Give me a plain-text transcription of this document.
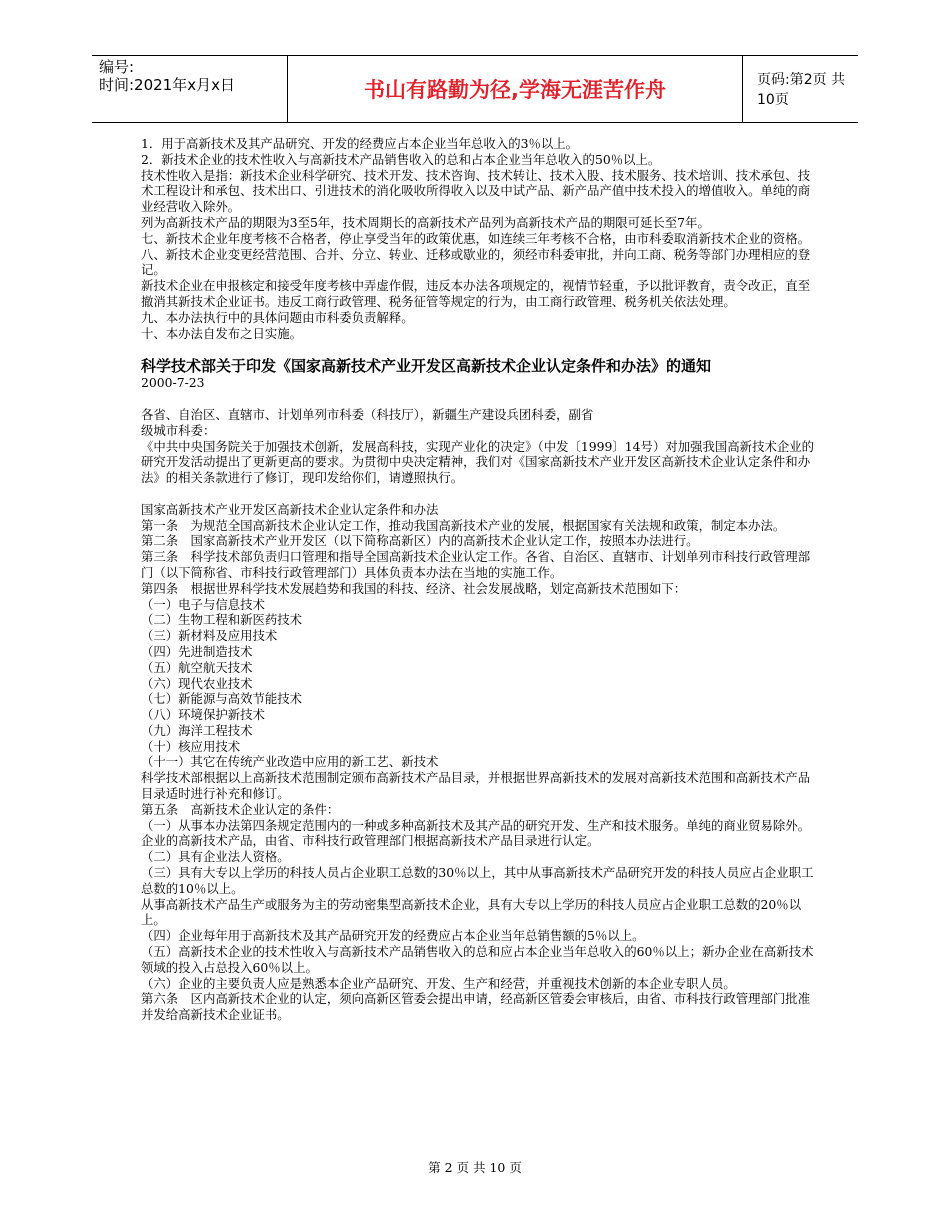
编号:
时间:2021年x月x日	书山有路勤为径,学海无涯苦作舟	页码:第2页 共10页

1．用于高新技术及其产品研究、开发的经费应占本企业当年总收入的3％以上。

2．新技术企业的技术性收入与高新技术产品销售收入的总和占本企业当年总收入的50％以上。

技术性收入是指：新技术企业科学研究、技术开发、技术咨询、技术转让、技术入股、技术服务、技术培训、技术承包、技术工程设计和承包、技术出口、引进技术的消化吸收所得收入以及中试产品、新产品产值中技术投入的增值收入。单纯的商业经营收入除外。

列为高新技术产品的期限为3至5年，技术周期长的高新技术产品列为高新技术产品的期限可延长至7年。

七、新技术企业年度考核不合格者，停止享受当年的政策优惠，如连续三年考核不合格，由市科委取消新技术企业的资格。

八、新技术企业变更经营范围、合并、分立、转业、迁移或歇业的，须经市科委审批，并向工商、税务等部门办理相应的登记。

新技术企业在申报核定和接受年度考核中弄虚作假，违反本办法各项规定的，视情节轻重，予以批评教育，责令改正，直至撤消其新技术企业证书。违反工商行政管理、税务征管等规定的行为，由工商行政管理、税务机关依法处理。

九、本办法执行中的具体问题由市科委负责解释。

十、本办法自发布之日实施。

科学技术部关于印发《国家高新技术产业开发区高新技术企业认定条件和办法》的通知

2000-7-23

各省、自治区、直辖市、计划单列市科委（科技厅），新疆生产建设兵团科委，副省

级城市科委：

《中共中央国务院关于加强技术创新，发展高科技，实现产业化的决定》（中发〔1999〕14号）对加强我国高新技术企业的研究开发活动提出了更新更高的要求。为贯彻中央决定精神，我们对《国家高新技术产业开发区高新技术企业认定条件和办法》的相关条款进行了修订，现印发给你们，请遵照执行。

国家高新技术产业开发区高新技术企业认定条件和办法

第一条　为规范全国高新技术企业认定工作，推动我国高新技术产业的发展，根据国家有关法规和政策，制定本办法。

第二条　国家高新技术产业开发区（以下简称高新区）内的高新技术企业认定工作，按照本办法进行。

第三条　科学技术部负责归口管理和指导全国高新技术企业认定工作。各省、自治区、直辖市、计划单列市科技行政管理部门（以下简称省、市科技行政管理部门）具体负责本办法在当地的实施工作。

第四条　根据世界科学技术发展趋势和我国的科技、经济、社会发展战略，划定高新技术范围如下：

（一）电子与信息技术

（二）生物工程和新医药技术

（三）新材料及应用技术

（四）先进制造技术

（五）航空航天技术

（六）现代农业技术

（七）新能源与高效节能技术

（八）环境保护新技术

（九）海洋工程技术

（十）核应用技术

（十一）其它在传统产业改造中应用的新工艺、新技术

科学技术部根据以上高新技术范围制定颁布高新技术产品目录，并根据世界高新技术的发展对高新技术范围和高新技术产品目录适时进行补充和修订。

第五条　高新技术企业认定的条件：

（一）从事本办法第四条规定范围内的一种或多种高新技术及其产品的研究开发、生产和技术服务。单纯的商业贸易除外。

企业的高新技术产品，由省、市科技行政管理部门根据高新技术产品目录进行认定。

（二）具有企业法人资格。

（三）具有大专以上学历的科技人员占企业职工总数的30％以上，其中从事高新技术产品研究开发的科技人员应占企业职工总数的10％以上。

从事高新技术产品生产或服务为主的劳动密集型高新技术企业，具有大专以上学历的科技人员应占企业职工总数的20％以上。

（四）企业每年用于高新技术及其产品研究开发的经费应占本企业当年总销售额的5％以上。

（五）高新技术企业的技术性收入与高新技术产品销售收入的总和应占本企业当年总收入的60％以上；新办企业在高新技术领域的投入占总投入60％以上。

（六）企业的主要负责人应是熟悉本企业产品研究、开发、生产和经营，并重视技术创新的本企业专职人员。

第六条　区内高新技术企业的认定，须向高新区管委会提出申请，经高新区管委会审核后，由省、市科技行政管理部门批准并发给高新技术企业证书。

第 2 页 共 10 页
